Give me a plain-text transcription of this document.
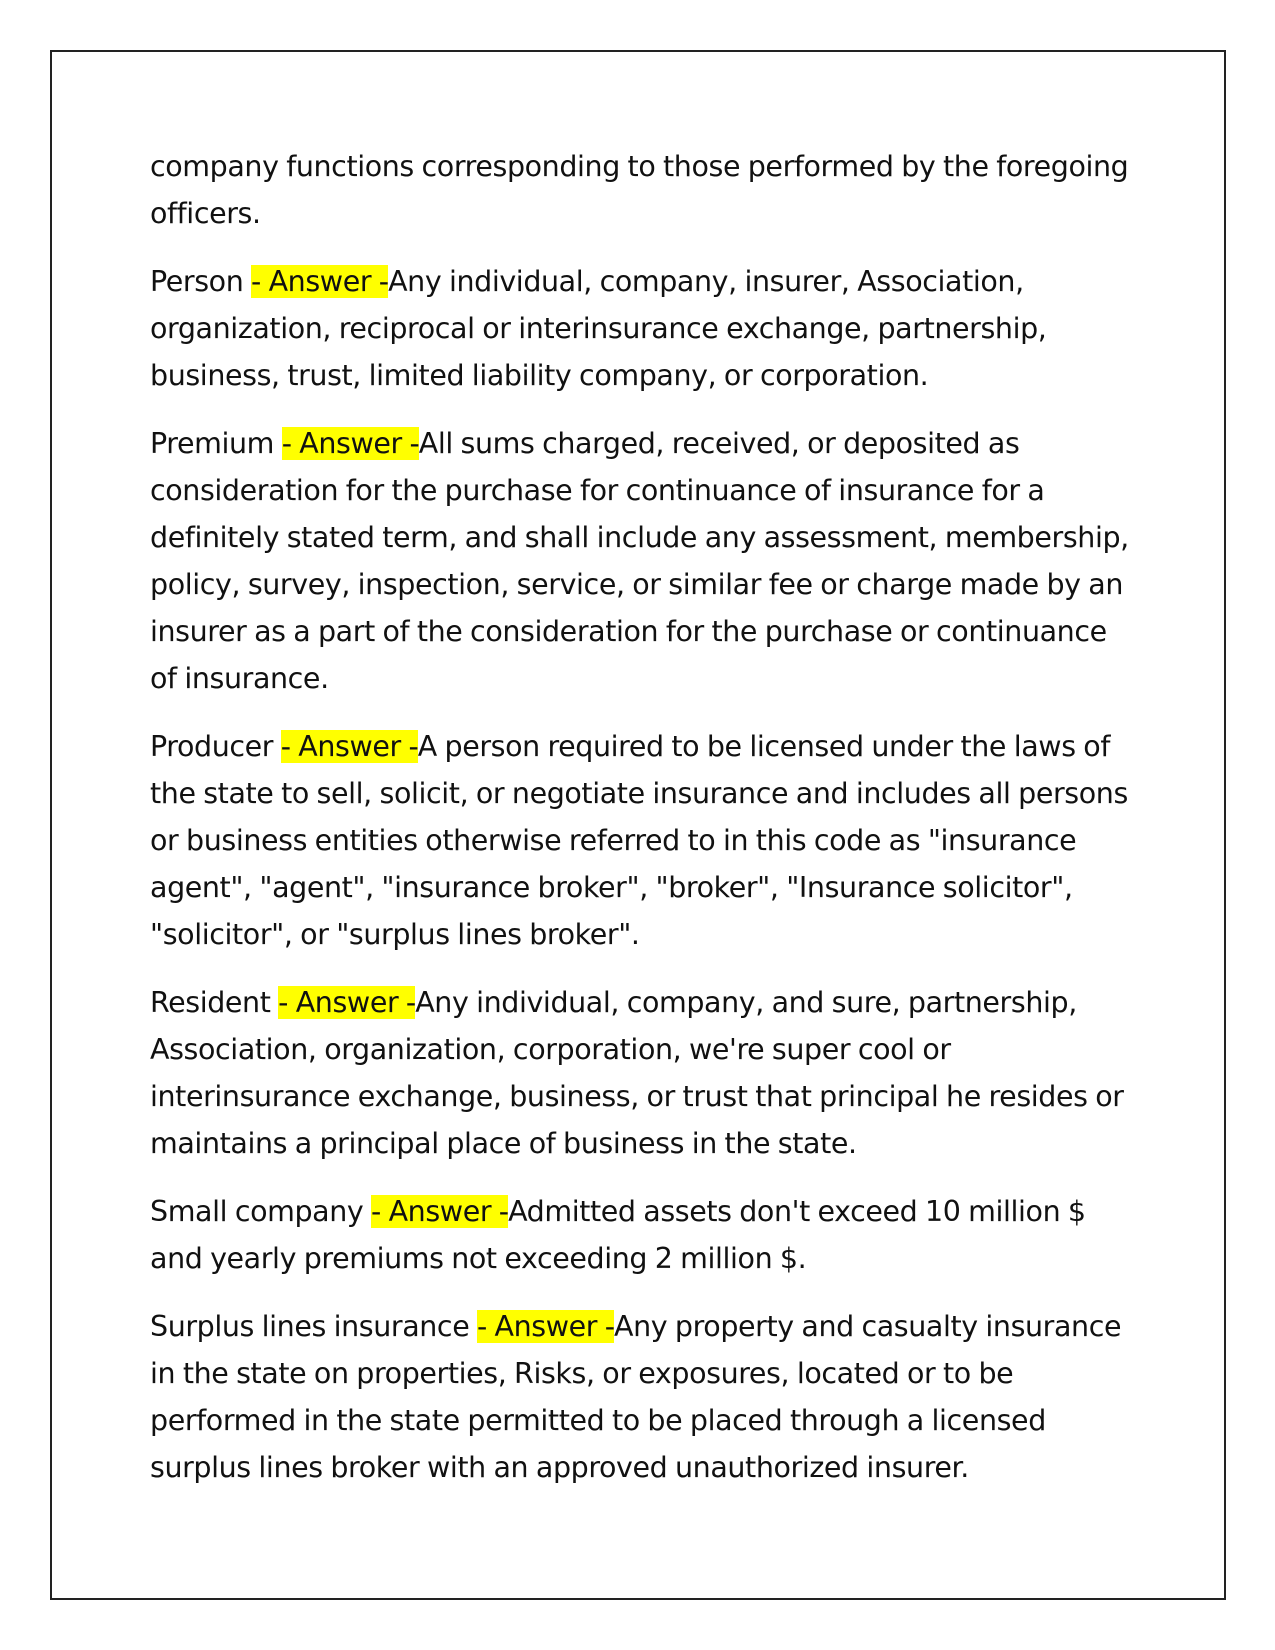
company functions corresponding to those performed by the foregoing officers.

Person - Answer -Any individual, company, insurer, Association, organization, reciprocal or interinsurance exchange, partnership, business, trust, limited liability company, or corporation.

Premium - Answer -All sums charged, received, or deposited as consideration for the purchase for continuance of insurance for a definitely stated term, and shall include any assessment, membership, policy, survey, inspection, service, or similar fee or charge made by an insurer as a part of the consideration for the purchase or continuance of insurance.

Producer - Answer -A person required to be licensed under the laws of the state to sell, solicit, or negotiate insurance and includes all persons or business entities otherwise referred to in this code as "insurance agent", "agent", "insurance broker", "broker", "Insurance solicitor", "solicitor", or "surplus lines broker".

Resident - Answer -Any individual, company, and sure, partnership, Association, organization, corporation, we're super cool or interinsurance exchange, business, or trust that principal he resides or maintains a principal place of business in the state.

Small company - Answer -Admitted assets don't exceed 10 million $ and yearly premiums not exceeding 2 million $.

Surplus lines insurance - Answer -Any property and casualty insurance in the state on properties, Risks, or exposures, located or to be performed in the state permitted to be placed through a licensed surplus lines broker with an approved unauthorized insurer.
